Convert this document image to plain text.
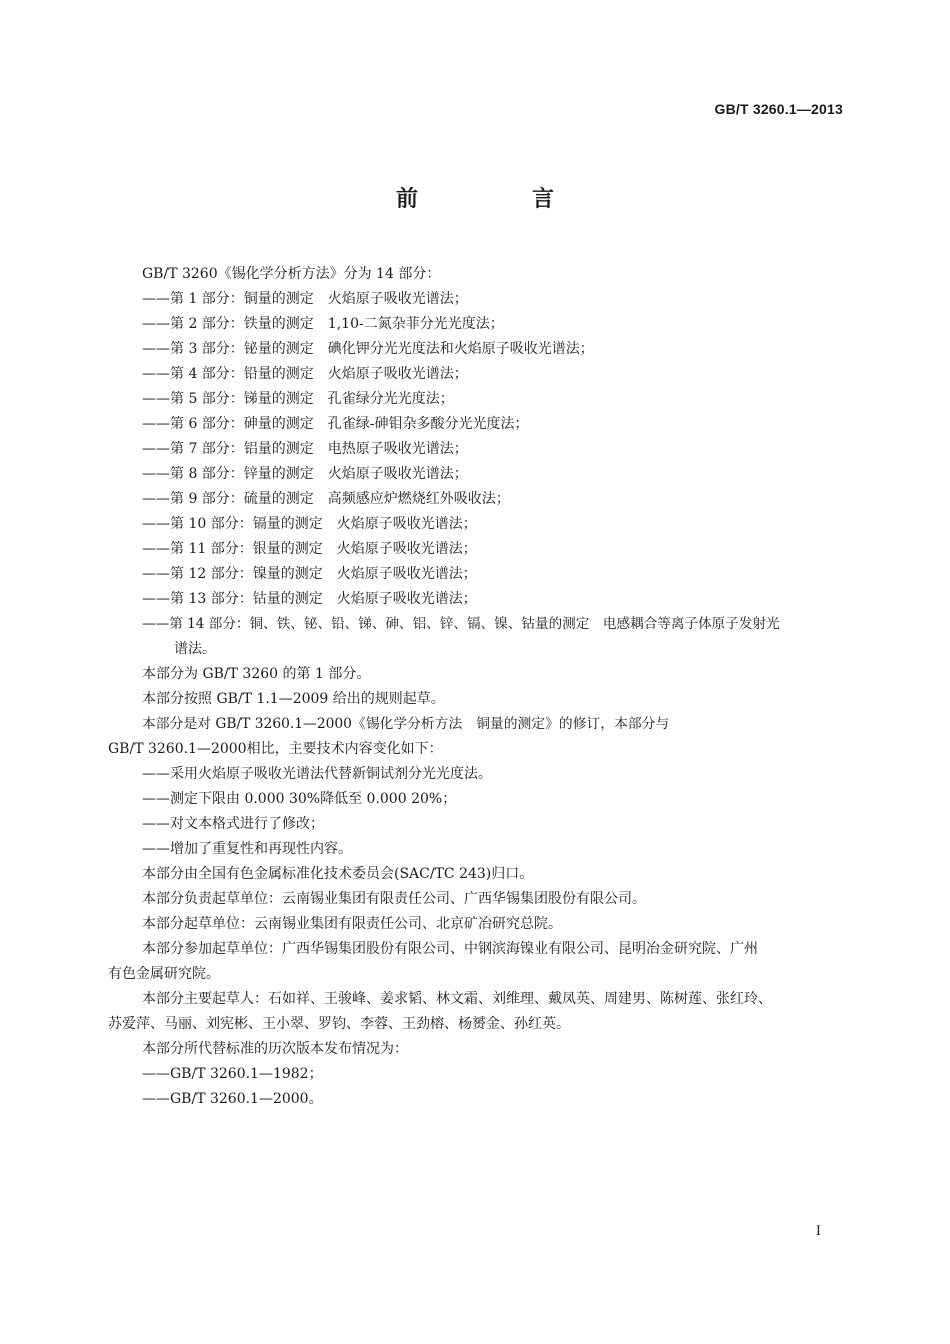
GB/T 3260.1—2013
前　言

GB/T 3260《锡化学分析方法》分为 14 部分：

——第 1 部分：铜量的测定　火焰原子吸收光谱法；

——第 2 部分：铁量的测定　1,10-二氮杂菲分光光度法；

——第 3 部分：铋量的测定　碘化钾分光光度法和火焰原子吸收光谱法；

——第 4 部分：铅量的测定　火焰原子吸收光谱法；

——第 5 部分：锑量的测定　孔雀绿分光光度法；

——第 6 部分：砷量的测定　孔雀绿-砷钼杂多酸分光光度法；

——第 7 部分：铝量的测定　电热原子吸收光谱法；

——第 8 部分：锌量的测定　火焰原子吸收光谱法；

——第 9 部分：硫量的测定　高频感应炉燃烧红外吸收法；

——第 10 部分：镉量的测定　火焰原子吸收光谱法；

——第 11 部分：银量的测定　火焰原子吸收光谱法；

——第 12 部分：镍量的测定　火焰原子吸收光谱法；

——第 13 部分：钴量的测定　火焰原子吸收光谱法；

——第 14 部分：铜、铁、铋、铅、锑、砷、铝、锌、镉、镍、钴量的测定　电感耦合等离子体原子发射光

谱法。

本部分为 GB/T 3260 的第 1 部分。

本部分按照 GB/T 1.1—2009 给出的规则起草。

本部分是对 GB/T 3260.1—2000《锡化学分析方法　铜量的测定》的修订，本部分与

GB/T 3260.1—2000相比，主要技术内容变化如下：

——采用火焰原子吸收光谱法代替新铜试剂分光光度法。

——测定下限由 0.000 30%降低至 0.000 20%；

——对文本格式进行了修改；

——增加了重复性和再现性内容。

本部分由全国有色金属标准化技术委员会(SAC/TC 243)归口。

本部分负责起草单位：云南锡业集团有限责任公司、广西华锡集团股份有限公司。

本部分起草单位：云南锡业集团有限责任公司、北京矿冶研究总院。

本部分参加起草单位：广西华锡集团股份有限公司、中钢滨海镍业有限公司、昆明冶金研究院、广州

有色金属研究院。

本部分主要起草人：石如祥、王骏峰、姜求韬、林文霜、刘维理、戴凤英、周建男、陈树莲、张红玲、

苏爱萍、马丽、刘宪彬、王小翠、罗钧、李蓉、王劲榕、杨赟金、孙红英。

本部分所代替标准的历次版本发布情况为：

——GB/T 3260.1—1982；

——GB/T 3260.1—2000。

I
